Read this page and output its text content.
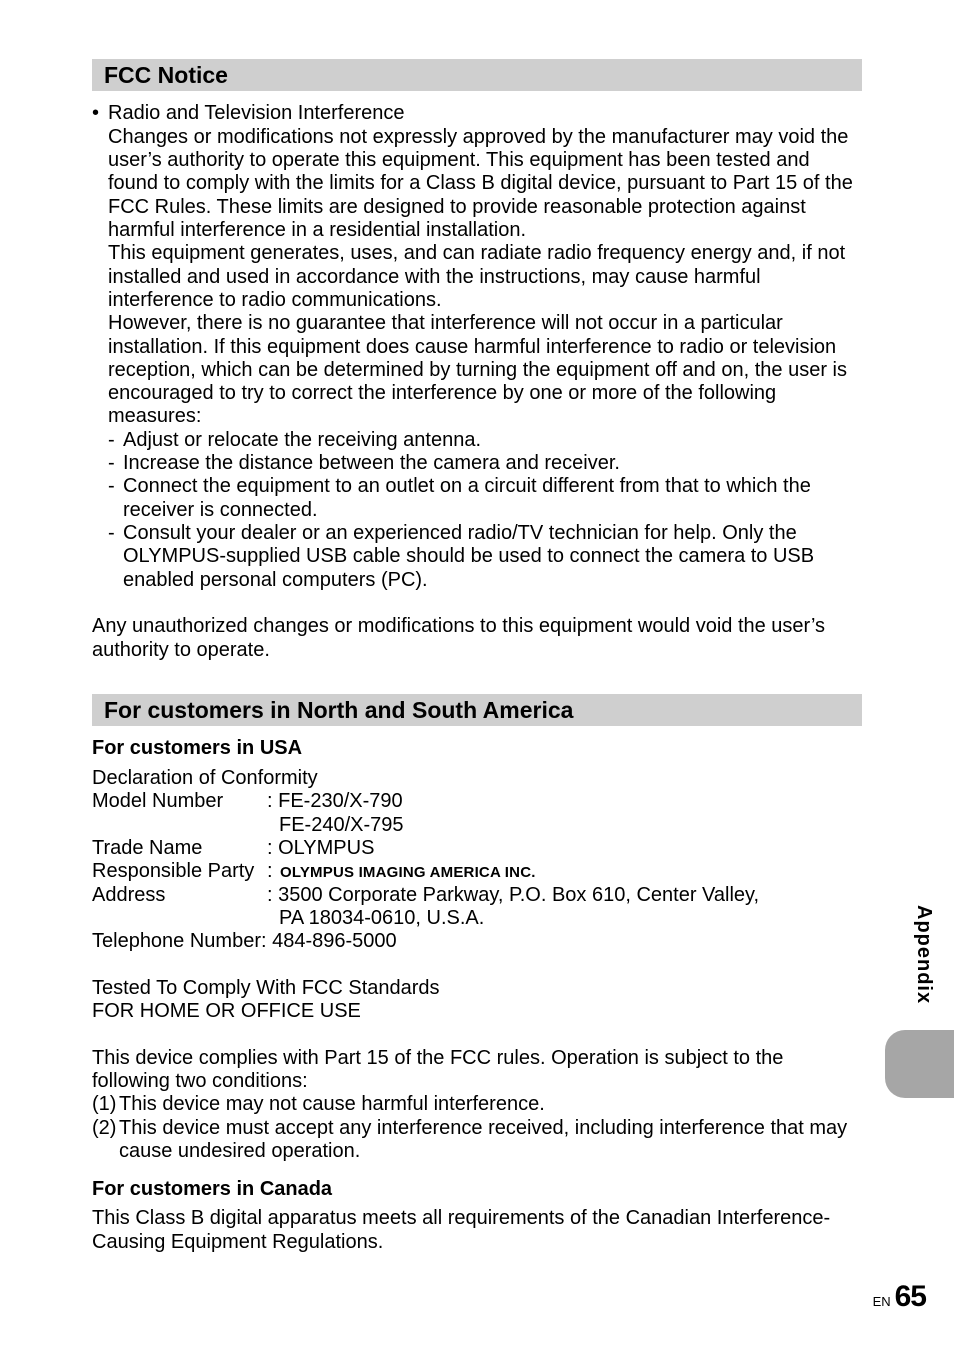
FCC Notice
• Radio and Television Interference
Changes or modifications not expressly approved by the manufacturer may void the
user’s authority to operate this equipment. This equipment has been tested and
found to comply with the limits for a Class B digital device, pursuant to Part 15 of the
FCC Rules. These limits are designed to provide reasonable protection against
harmful interference in a residential installation.
This equipment generates, uses, and can radiate radio frequency energy and, if not
installed and used in accordance with the instructions, may cause harmful
interference to radio communications.
However, there is no guarantee that interference will not occur in a particular
installation. If this equipment does cause harmful interference to radio or television
reception, which can be determined by turning the equipment off and on, the user is
encouraged to try to correct the interference by one or more of the following
measures:
- Adjust or relocate the receiving antenna.
- Increase the distance between the camera and receiver.
- Connect the equipment to an outlet on a circuit different from that to which the
receiver is connected.
- Consult your dealer or an experienced radio/TV technician for help. Only the
OLYMPUS-supplied USB cable should be used to connect the camera to USB
enabled personal computers (PC).
Any unauthorized changes or modifications to this equipment would void the user’s
authority to operate.
For customers in North and South America
For customers in USA
Declaration of Conformity
Model Number : FE-230/X-790
FE-240/X-795
Trade Name	: OLYMPUS
Responsible Party : OLYMPUS IMAGING AMERICA INC.
Address	: 3500 Corporate Parkway, P.O. Box 610, Center Valley,
PA 18034-0610, U.S.A.
Telephone Number: 484-896-5000
Tested To Comply With FCC Standards
FOR HOME OR OFFICE USE
This device complies with Part 15 of the FCC rules. Operation is subject to the
following two conditions:
(1) This device may not cause harmful interference.
(2) This device must accept any interference received, including interference that may
cause undesired operation.
For customers in Canada
This Class B digital apparatus meets all requirements of the Canadian Interference-
Causing Equipment Regulations.
Appendix
EN 65
